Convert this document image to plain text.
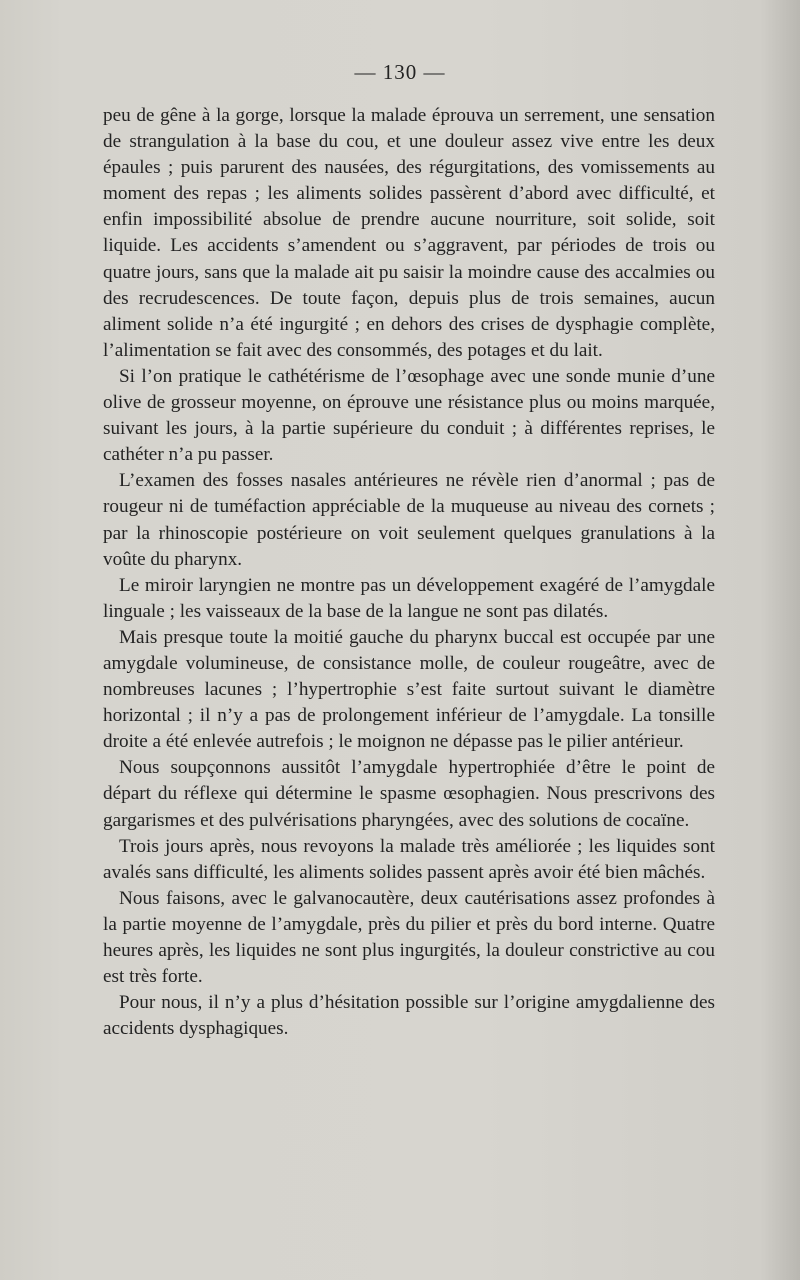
— 130 —

peu de gêne à la gorge, lorsque la malade éprouva un serrement, une sensation de strangulation à la base du cou, et une douleur assez vive entre les deux épaules ; puis parurent des nausées, des régurgitations, des vomissements au moment des repas ; les aliments solides passèrent d’abord avec difficulté, et enfin impossibilité absolue de prendre aucune nourriture, soit solide, soit liquide. Les accidents s’amendent ou s’aggravent, par périodes de trois ou quatre jours, sans que la malade ait pu saisir la moindre cause des accalmies ou des recrudescences. De toute façon, depuis plus de trois semaines, aucun aliment solide n’a été ingurgité ; en dehors des crises de dysphagie complète, l’alimentation se fait avec des consommés, des potages et du lait.

Si l’on pratique le cathétérisme de l’œsophage avec une sonde munie d’une olive de grosseur moyenne, on éprouve une résistance plus ou moins marquée, suivant les jours, à la partie supérieure du conduit ; à différentes reprises, le cathéter n’a pu passer.

L’examen des fosses nasales antérieures ne révèle rien d’anormal ; pas de rougeur ni de tuméfaction appréciable de la muqueuse au niveau des cornets ; par la rhinoscopie postérieure on voit seulement quelques granulations à la voûte du pharynx.

Le miroir laryngien ne montre pas un développement exagéré de l’amygdale linguale ; les vaisseaux de la base de la langue ne sont pas dilatés.

Mais presque toute la moitié gauche du pharynx buccal est occupée par une amygdale volumineuse, de consistance molle, de couleur rougeâtre, avec de nombreuses lacunes ; l’hypertrophie s’est faite surtout suivant le diamètre horizontal ; il n’y a pas de prolongement inférieur de l’amygdale. La tonsille droite a été enlevée autrefois ; le moignon ne dépasse pas le pilier antérieur.

Nous soupçonnons aussitôt l’amygdale hypertrophiée d’être le point de départ du réflexe qui détermine le spasme œsophagien. Nous prescrivons des gargarismes et des pulvérisations pharyngées, avec des solutions de cocaïne.

Trois jours après, nous revoyons la malade très améliorée ; les liquides sont avalés sans difficulté, les aliments solides passent après avoir été bien mâchés.

Nous faisons, avec le galvanocautère, deux cautérisations assez profondes à la partie moyenne de l’amygdale, près du pilier et près du bord interne. Quatre heures après, les liquides ne sont plus ingurgités, la douleur constrictive au cou est très forte.

Pour nous, il n’y a plus d’hésitation possible sur l’origine amygdalienne des accidents dysphagiques.
